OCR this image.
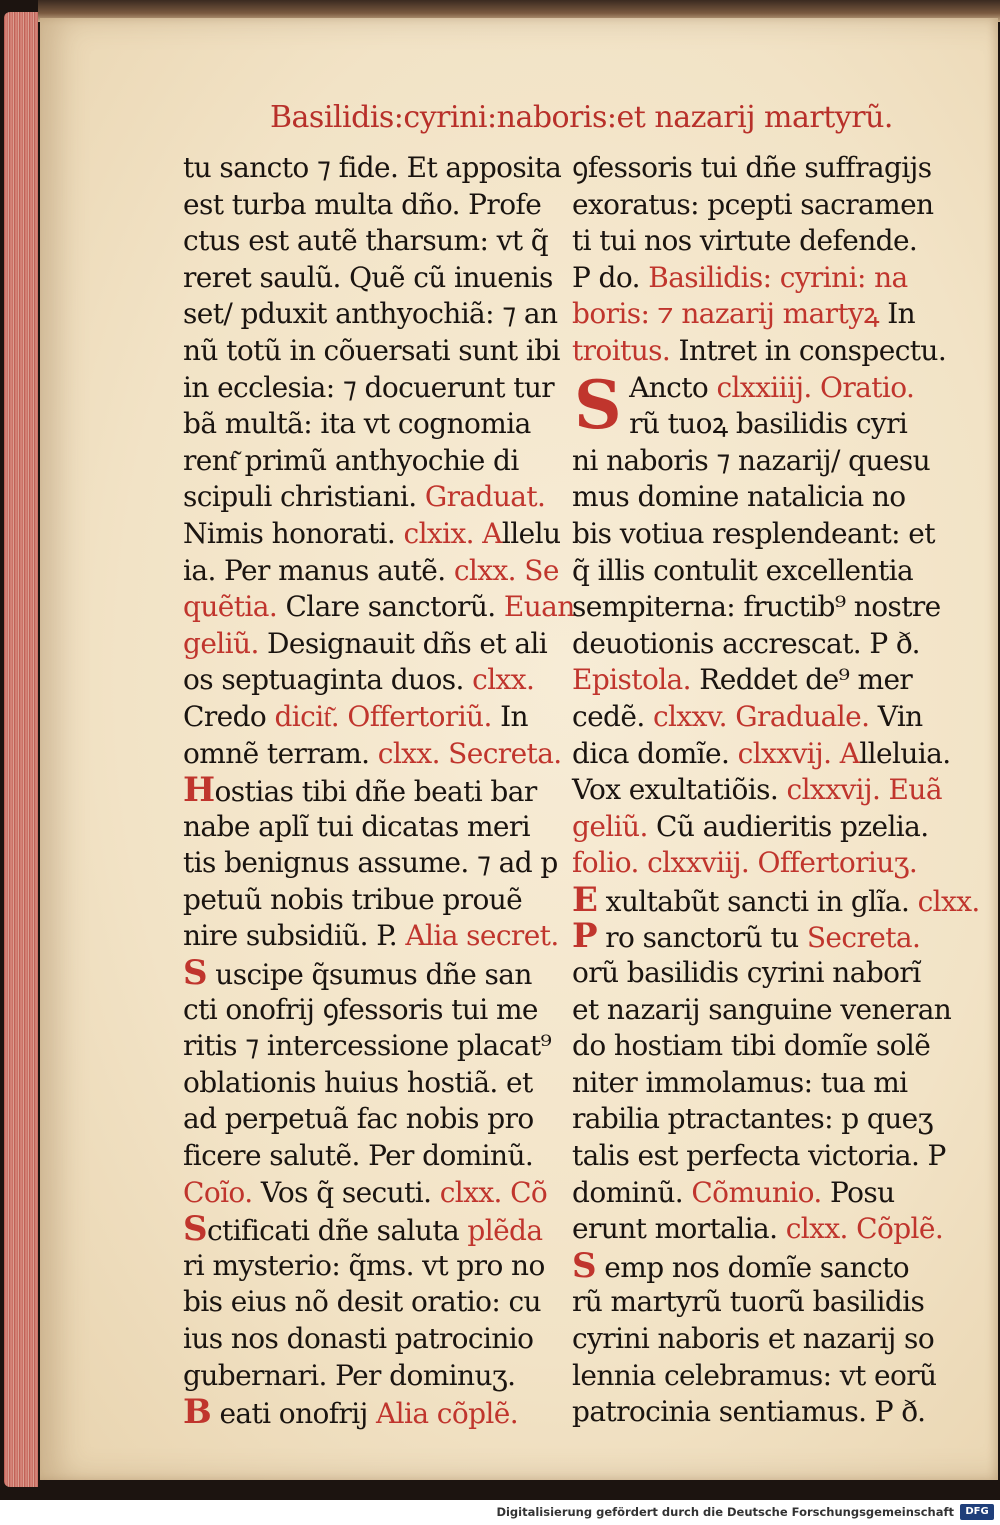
Basilidis:cyrini:naboris:et nazarij martyrũ.
tu sancto ⁊ fide. Et apposita
est turba multa dño. Profe
ctus est autẽ tharsum: vt q̃
reret saulũ. Quẽ cũ inuenis
set/ pduxit anthyochiã: ⁊ an
nũ totũ in cõuersati sunt ibi
in ecclesia: ⁊ docuerunt tur
bã multã: ita vt cognomia
rent͂ primũ anthyochie di
scipuli christiani. Graduat.
Nimis honorati. clxix. Allelu
ia. Per manus autẽ. clxx. Se
quẽtia. Clare sanctorũ. Euan
geliũ. Designauit dñs et ali
os septuaginta duos. clxx.
Credo dicit͂. Offertoriũ. In
omnẽ terram. clxx. Secreta.
Hostias tibi dñe beati bar
nabe aplĩ tui dicatas meri
tis benignus assume. ⁊ ad p
petuũ nobis tribue prouẽ
nire subsidiũ. P. Alia secret.
S uscipe q̃sumus dñe san
cti onofrij ꝯfessoris tui me
ritis ⁊ intercessione placat⁹
oblationis huius hostiã. et
ad perpetuã fac nobis pro
ficere salutẽ. Per dominũ.
Coĩo. Vos q̃ secuti. clxx. Cõ
Sctificati dñe saluta plẽda
ri mysterio: q̃ms. vt pro no
bis eius nõ desit oratio: cu
ius nos donasti patrocinio
gubernari. Per dominuʒ.
B eati onofrij Alia cõplẽ.
ꝯfessoris tui dñe suffragijs
exoratus: pcepti sacramen
ti tui nos virtute defende.
P do. Basilidis: cyrini: na
boris: ⁊ nazarij martyꝝ In
troitus. Intret in conspectu.
S Ancto clxxiiij. Oratio.
rũ tuoꝝ basilidis cyri
ni naboris ⁊ nazarij/ quesu
mus domine natalicia no
bis votiua resplendeant: et
q̃ illis contulit excellentia
sempiterna: fructib⁹ nostre
deuotionis accrescat. P ð.
Epistola. Reddet de⁹ mer
cedẽ. clxxv. Graduale. Vin
dica domĩe. clxxvij. Alleluia.
Vox exultatiõis. clxxvij. Euã
geliũ. Cũ audieritis pzelia.
folio. clxxviij. Offertoriuʒ.
E xultabũt sancti in glĩa. clxx.
P ro sanctorũ tu Secreta.
orũ basilidis cyrini naborĩ
et nazarij sanguine veneran
do hostiam tibi domĩe solẽ
niter immolamus: tua mi
rabilia ptractantes: p queʒ
talis est perfecta victoria. P
dominũ. Cõmunio. Posu
erunt mortalia. clxx. Cõplẽ.
S emp nos domĩe sancto
rũ martyrũ tuorũ basilidis
cyrini naboris et nazarij so
lennia celebramus: vt eorũ
patrocinia sentiamus. P ð.
Digitalisierung gefördert durch die Deutsche Forschungsgemeinschaft	DFG
